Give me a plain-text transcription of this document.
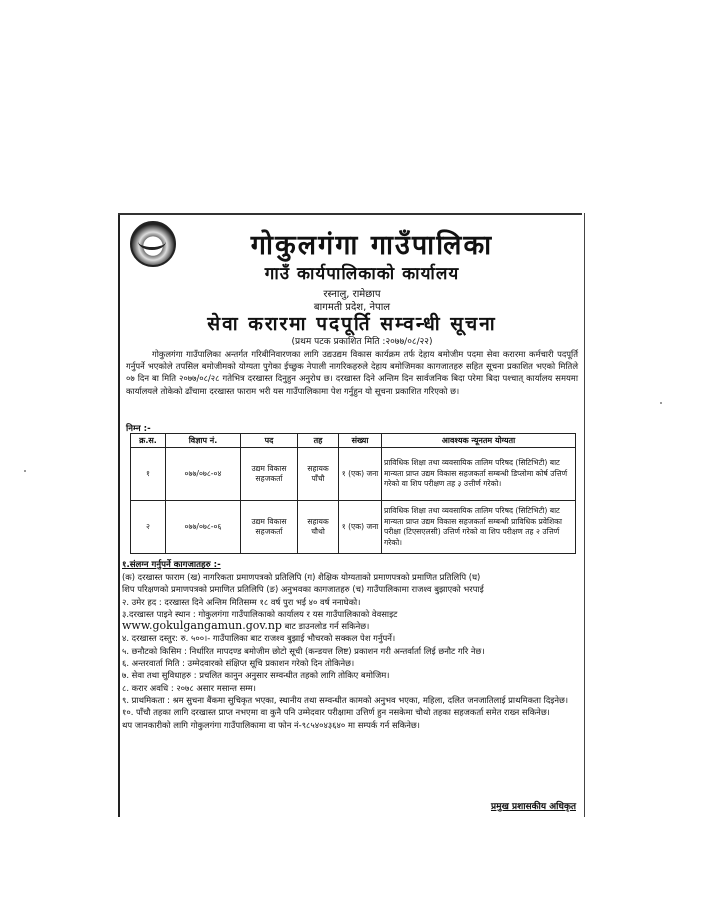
गोकुलगंगा गाउँपालिका
गाउँ कार्यपालिकाको कार्यालय
रस्नालु, रामेछाप
बागमती प्रदेश, नेपाल
सेवा करारमा पदपूर्ति सम्वन्धी सूचना
(प्रथम पटक प्रकाशित मिति :२०७७/०८/२२)

गोकुलगंगा गाउँपालिका अन्तर्गत गरिबीनिवारणका लागि उद्यउद्यम विकास कार्यक्रम तर्फ देहाय बमोजीम पदमा सेवा करारमा कर्मचारी पदपूर्ति गर्नुपर्ने भएकोले तपसिल बमोजीमको योग्यता पुगेका ईच्छुक नेपाली नागरिकहरुले देहाय बमोजिमका कागजातहरु सहित सूचना प्रकाशित भएको मितिले ०७ दिन बा मिति २०७७/०८/२८ गतेभित्र दरखास्त दिनुहुन अनुरोध छ। दरखास्त दिने अन्तिम दिन सार्वजनिक बिदा परेमा बिदा पश्चात् कार्यालय समयमा कार्यालयले तोकेको ढाँचामा दरखास्त फाराम भरी यस गाउँपालिकामा पेश गर्नुहुन यो सूचना प्रकाशित गरिएको छ।

निम्न :-
क्र.स.	विज्ञाप नं.	पद	तह	संख्या	आवश्यक न्यूनतम योग्यता
१	०७७/०७८-०४	उद्यम विकास सहजकर्ता	सहायक पाँचौ	१ (एक) जना	प्राविधिक शिक्षा तथा व्यवसायिक तालिम परिषद (सिटिभिटी) बाट मान्यता प्राप्त उद्यम विकास सहजकर्ता सम्बन्धी डिप्लोमा कोर्ष उत्तिर्ण गरेको वा शिप परीक्षण तह ३ उत्तीर्ण गरेको।
२	०७७/०७८-०६	उद्यम विकास सहजकर्ता	सहायक चौथो	१ (एक) जना	प्राविधिक शिक्षा तथा व्यवसायिक तालिम परिषद (सिटिभिटी) बाट मान्यता प्राप्त उद्यम विकास सहजकर्ता सम्बन्धी प्राविधिक प्रवेशिका परीक्षा (टिएसएलसी) उत्तिर्ण गरेको वा शिप परीक्षण तह २ उत्तिर्ण गरेको।
१.संलग्न गर्नुपर्ने कागजातहरु :-
(क) दरखास्त फाराम (ख) नागरिकता प्रमाणपत्रको प्रतिलिपि (ग) शैक्षिक योग्यताको प्रमाणपत्रको प्रमाणित प्रतिलिपि (घ)
शिप परिक्षणको प्रमाणपत्रको प्रमाणित प्रतिलिपि (ङ) अनुभवका कागजातहरु (च) गाउँपालिकामा राजश्व बुझाएको भरपाई
२. उमेर हद : दरखास्त दिने अन्तिम मितिसम्म १८ वर्ष पुरा भई ४० वर्ष ननाघेको।
३.दरखास्त पाइने स्थान : गोकुलगंगा गाउँपालिकाको कार्यालय र यस गाउँपालिकाको वेवसाइट
www.gokulgangamun.gov.np बाट डाउनलोड गर्न सकिनेछ।
४. दरखास्त दस्तुर: रु. ५००।- गाउँपालिका बाट राजश्व बुझाई भौचरको सक्कल पेश गर्नुपर्ने।
५. छनौटको किसिम : निर्धारित मापदण्ड बमोजीम छोटो सूची (कन्डयत्त लिष्ट) प्रकाशन गरी अन्तर्वार्ता लिई छनौट गरि नेछ।
६. अन्तरवार्ता मिति : उम्मेदवारको संक्षिप्त सूचि प्रकाशन गरेको दिन तोकिनेछ।
७. सेवा तथा सुविधाहरु : प्रचलित कानुन अनुसार सम्वन्धीत तहको लागि तोकिए बमोजिम।
८. करार अवधि : २०७८ असार मसान्त सम्म।
९. प्राथमिकता : श्रम सुचना बैंकमा सुचिकृत भएका, स्थानीय तथा सम्वन्धीत कामको अनुभव भएका, महिला, दलित जनजातिलाई प्राथमिकता दिइनेछ।
१०. पाँचौ तहका लागि दरखास्त प्राप्त नभएमा वा कुनै पनि उम्मेदवार परीक्षामा उत्तिर्ण हुन नसकेमा चौथो तहका सहजकर्ता समेत राख्न सकिनेछ।
थप जानकारीको लागि गोकुलगंगा गाउँपालिकामा वा फोन नं-९८५४०४३६४० मा सम्पर्क गर्न सकिनेछ।
प्रमुख प्रशासकीय अधिकृत
